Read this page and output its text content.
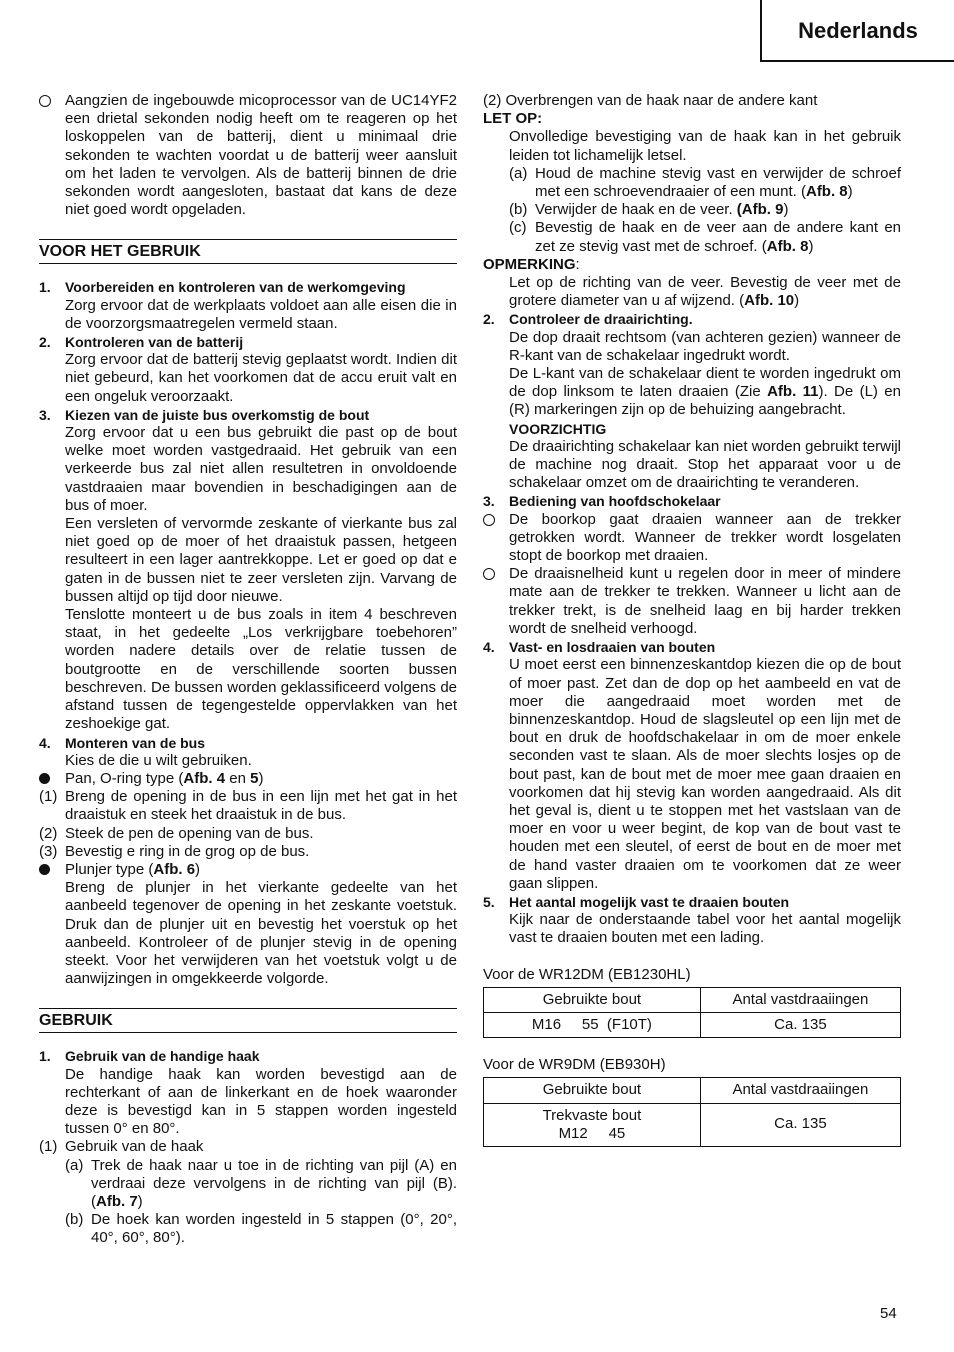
Nederlands
Aangzien de ingebouwde micoprocessor van de UC14YF2 een drietal sekonden nodig heeft om te reageren op het loskoppelen van de batterij, dient u minimaal drie sekonden te wachten voordat u de batterij weer aansluit om het laden te vervolgen. Als de batterij binnen de drie sekonden wordt aangesloten, bastaat dat kans de deze niet goed wordt opgeladen.
VOOR HET GEBRUIK
1. Voorbereiden en kontroleren van de werkomgeving
Zorg ervoor dat de werkplaats voldoet aan alle eisen die in de voorzorgsmaatregelen vermeld staan.
2. Kontroleren van de batterij
Zorg ervoor dat de batterij stevig geplaatst wordt. Indien dit niet gebeurd, kan het voorkomen dat de accu eruit valt en een ongeluk veroorzaakt.
3. Kiezen van de juiste bus overkomstig de bout
Zorg ervoor dat u een bus gebruikt die past op de bout welke moet worden vastgedraaid. Het gebruik van een verkeerde bus zal niet allen resultetren in onvoldoende vastdraaien maar bovendien in beschadigingen aan de bus of moer.
Een versleten of vervormde zeskante of vierkante bus zal niet goed op de moer of het draaistuk passen, hetgeen resulteert in een lager aantrekkoppe. Let er goed op dat e gaten in de bussen niet te zeer versleten zijn. Varvang de bussen altijd op tijd door nieuwe.
Tenslotte monteert u de bus zoals in item 4 beschreven staat, in het gedeelte „Los verkrijgbare toebehoren” worden nadere details over de relatie tussen de boutgrootte en de verschillende soorten bussen beschreven. De bussen worden geklassificeerd volgens de afstand tussen de tegengestelde oppervlakken van het zeshoekige gat.
4. Monteren van de bus
Kies de die u wilt gebruiken.
Pan, O-ring type (Afb. 4 en 5)
(1) Breng de opening in de bus in een lijn met het gat in het draaistuk en steek het draaistuk in de bus.
(2) Steek de pen de opening van de bus.
(3) Bevestig e ring in de grog op de bus.
Plunjer type (Afb. 6)
Breng de plunjer in het vierkante gedeelte van het aanbeeld tegenover de opening in het zeskante voetstuk. Druk dan de plunjer uit en bevestig het voerstuk op het aanbeeld. Kontroleer of de plunjer stevig in de opening steekt. Voor het verwijderen van het voetstuk volgt u de aanwijzingen in omgekkeerde volgorde.
GEBRUIK
1. Gebruik van de handige haak
De handige haak kan worden bevestigd aan de rechterkant of aan de linkerkant en de hoek waaronder deze is bevestigd kan in 5 stappen worden ingesteld tussen 0° en 80°.
(1) Gebruik van de haak
(a) Trek de haak naar u toe in de richting van pijl (A) en verdraai deze vervolgens in de richting van pijl (B). (Afb. 7)
(b) De hoek kan worden ingesteld in 5 stappen (0°, 20°, 40°, 60°, 80°).
(2) Overbrengen van de haak naar de andere kant
LET OP:
Onvolledige bevestiging van de haak kan in het gebruik leiden tot lichamelijk letsel.
(a) Houd de machine stevig vast en verwijder de schroef met een schroevendraaier of een munt. (Afb. 8)
(b) Verwijder de haak en de veer. (Afb. 9)
(c) Bevestig de haak en de veer aan de andere kant en zet ze stevig vast met de schroef. (Afb. 8)
OPMERKING:
Let op de richting van de veer. Bevestig de veer met de grotere diameter van u af wijzend. (Afb. 10)
2. Controleer de draairichting.
De dop draait rechtsom (van achteren gezien) wanneer de R-kant van de schakelaar ingedrukt wordt.
De L-kant van de schakelaar dient te worden ingedrukt om de dop linksom te laten draaien (Zie Afb. 11). De (L) en (R) markeringen zijn op de behuizing aangebracht.
VOORZICHTIG
De draairichting schakelaar kan niet worden gebruikt terwijl de machine nog draait. Stop het apparaat voor u de schakelaar omzet om de draairichting te veranderen.
3. Bediening van hoofdschokelaar
De boorkop gaat draaien wanneer aan de trekker getrokken wordt. Wanneer de trekker wordt losgelaten stopt de boorkop met draaien.
De draaisnelheid kunt u regelen door in meer of mindere mate aan de trekker te trekken. Wanneer u licht aan de trekker trekt, is de snelheid laag en bij harder trekken wordt de snelheid verhoogd.
4. Vast- en losdraaien van bouten
U moet eerst een binnenzeskantdop kiezen die op de bout of moer past. Zet dan de dop op het aambeeld en vat de moer die aangedraaid moet worden met de binnenzeskantdop. Houd de slagsleutel op een lijn met de bout en druk de hoofdschakelaar in om de moer enkele seconden vast te slaan. Als de moer slechts losjes op de bout past, kan de bout met de moer mee gaan draaien en voorkomen dat hij stevig kan worden aangedraaid. Als dit het geval is, dient u te stoppen met het vastslaan van de moer en voor u weer begint, de kop van de bout vast te houden met een sleutel, of eerst de bout en de moer met de hand vaster draaien om te voorkomen dat ze weer gaan slippen.
5. Het aantal mogelijk vast te draaien bouten
Kijk naar de onderstaande tabel voor het aantal mogelijk vast te draaien bouten met een lading.
Voor de WR12DM (EB1230HL)
Gebruikte bout	Antal vastdraaiingen
M16     55  (F10T)	Ca. 135
Voor de WR9DM (EB930H)
Gebruikte bout	Antal vastdraaiingen

Trekvaste bout
M12     45	Ca. 135
54
